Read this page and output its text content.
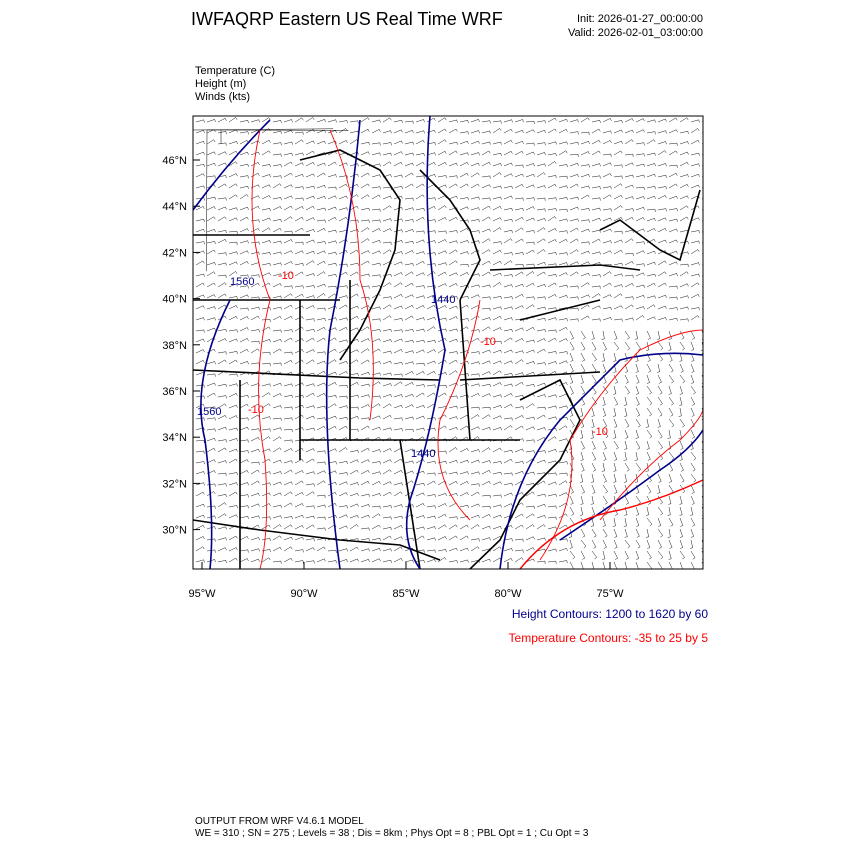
IWFAQRP Eastern US Real Time WRF	Init: 2026-01-27_00:00:00
Valid: 2026-02-01_03:00:00
Temperature (C)
Height (m)
Winds (kts)
1560
1440
1560
1440
-10
-10
-10
-10
46°N
44°N
42°N
40°N
38°N
36°N
34°N
32°N
30°N
95°W	90°W	85°W	80°W	75°W
Height Contours: 1200 to 1620 by 60
Temperature Contours: -35 to 25 by 5
OUTPUT FROM WRF V4.6.1 MODEL
WE = 310 ; SN = 275 ; Levels = 38 ; Dis = 8km ; Phys Opt = 8 ; PBL Opt = 1 ; Cu Opt = 3
